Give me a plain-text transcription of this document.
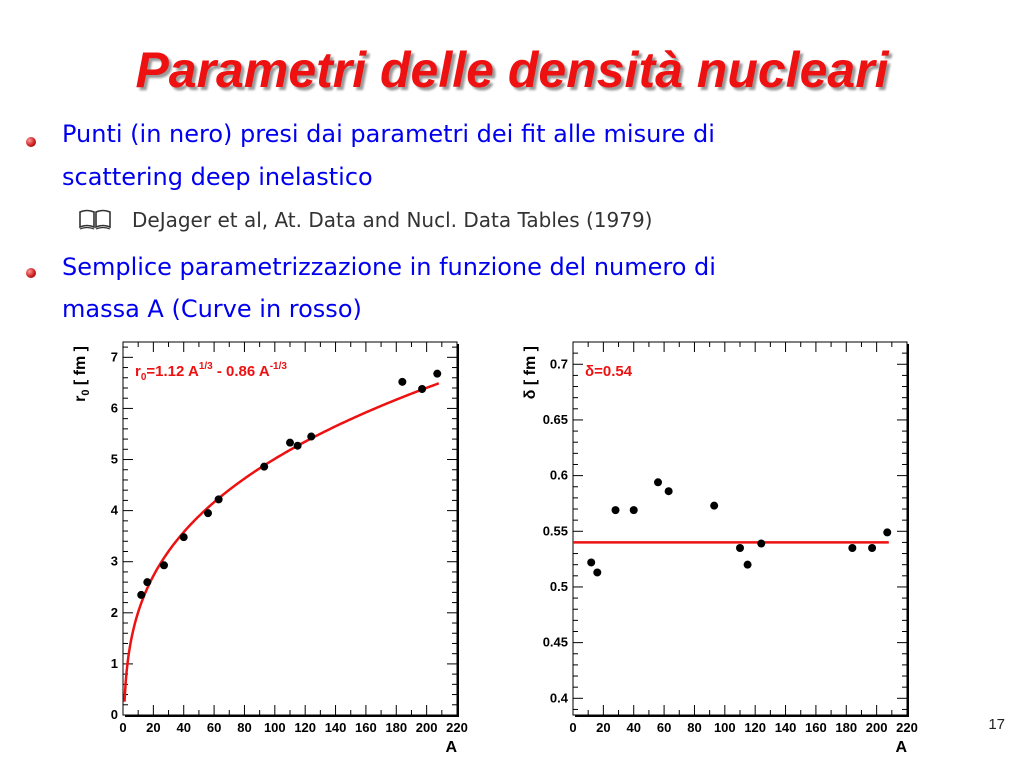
Parametri delle densità nucleari
Punti (in nero) presi dai parametri dei fit alle misure di
scattering deep inelastico
DeJager et al, At. Data and Nucl. Data Tables (1979)
Semplice parametrizzazione in funzione del numero di
massa A (Curve in rosso)
0 20 40 60 80 100 120 140 160 180 200 220
0
1
2
3
4
5
6
7
A
$r_0$ [ fm ]	$r_0=1.12$ $A^{1/3} - 0.86$ $A^{-1/3}$
0 20 40 60 80 100 120 140 160 180 200 220
0.4
0.45
0.5
0.55
0.6
0.65
0.7
A
δ [ fm ]	δ=0.54
17
